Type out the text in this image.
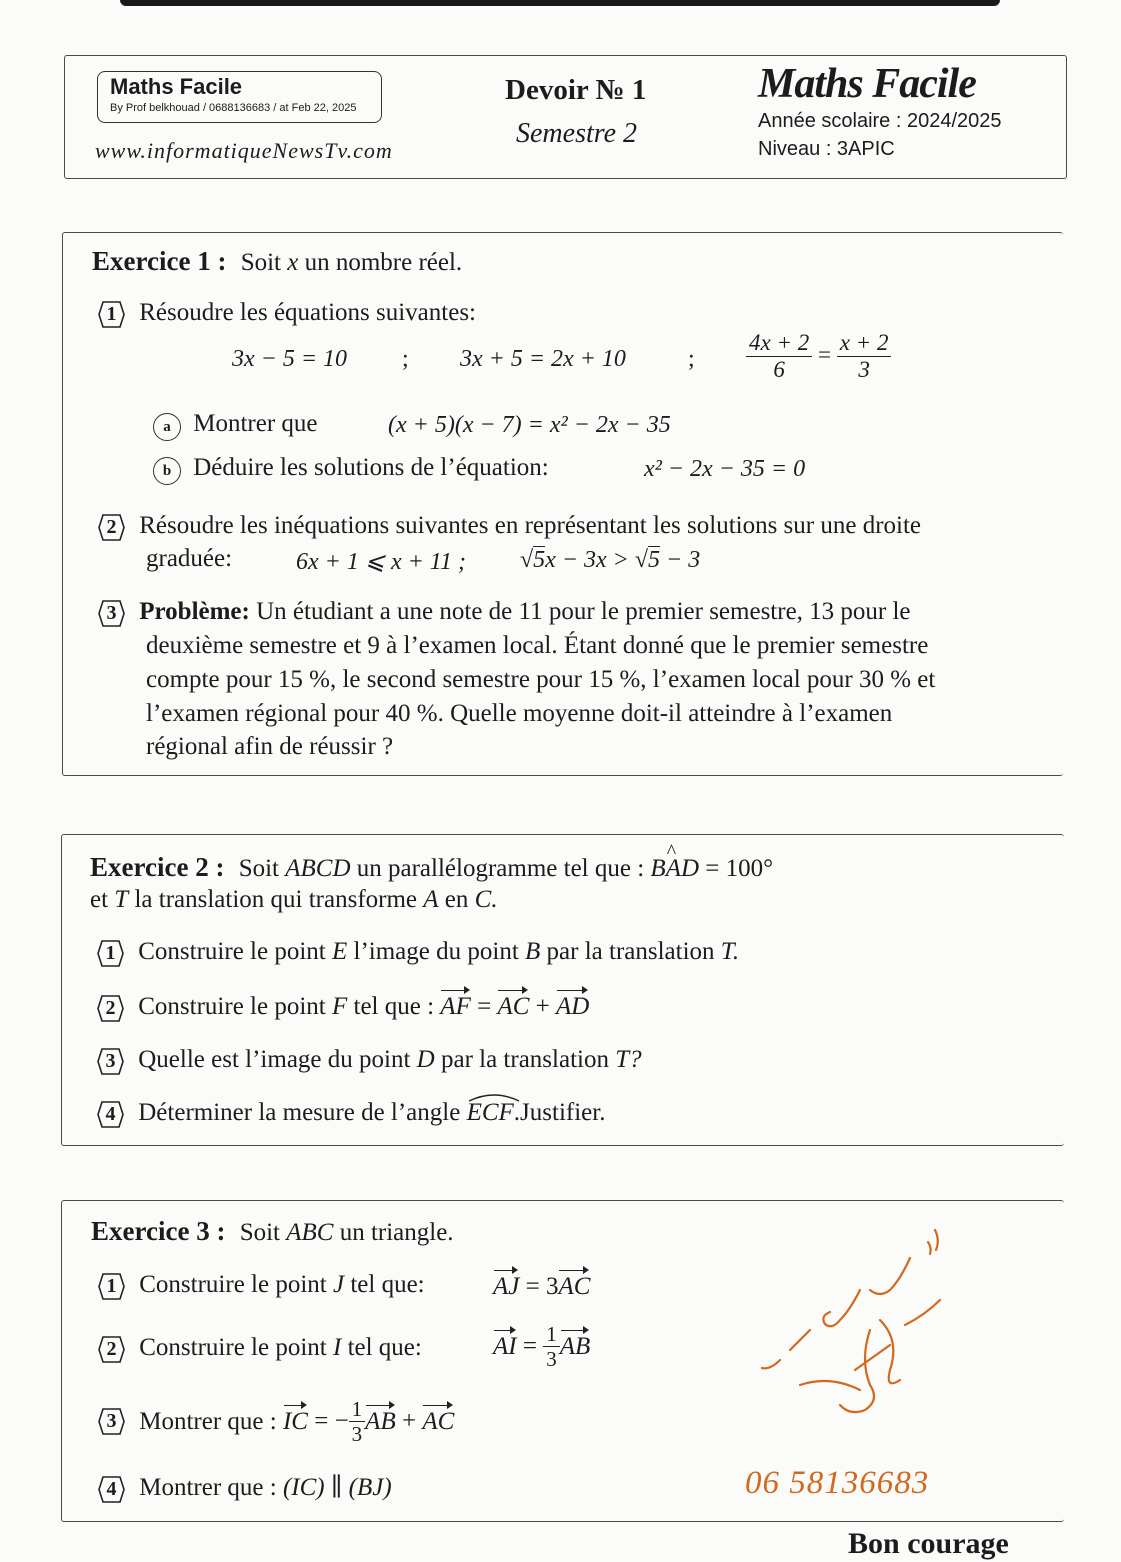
Maths Facile
By Prof belkhouad / 0688136683 / at Feb 22, 2025
www.informatiqueNewsTv.com
Devoir № 1
Semestre 2
Maths Facile
Année scolaire : 2024/2025
Niveau : 3APIC
Exercice 1 : Soit x un nombre réel.
1 Résoudre les équations suivantes:
3x − 5 = 10 ; 3x + 5 = 2x + 10	; $\frac{4x + 2}{6} = \frac{x + 2}{3}$
a Montrer que	(x + 5)(x − 7) = x² − 2x − 35
b Déduire les solutions de l’équation:	x² − 2x − 35 = 0
2 Résoudre les inéquations suivantes en représentant les solutions sur une droite
graduée:	6x + 1 ⩽ x + 11 ; √5x − 3x > √5 − 3
3 Problème: Un étudiant a une note de 11 pour le premier semestre, 13 pour le
deuxième semestre et 9 à l’examen local. Étant donné que le premier semestre
compte pour 15 %, le second semestre pour 15 %, l’examen local pour 30 % et
l’examen régional pour 40 %. Quelle moyenne doit-il atteindre à l’examen
régional afin de réussir ?
Exercice 2 : Soit ABCD un parallélogramme tel que : B^ AD = 100°
et T la translation qui transforme A en C.
1 Construire le point E l’image du point B par la translation T.
2 Construire le point F tel que : AF = AC + AD
3 Quelle est l’image du point D par la translation T?
4 Déterminer la mesure de l’angle ECF.Justifier.
Exercice 3 : Soit ABC un triangle.
1 Construire le point J tel que:	AJ = 3AC
2 Construire le point I tel que:	AI = $\frac{1}{3}$ AB
3 Montrer que : IC = − $\frac{1}{3}$ AB + AC
4 Montrer que : (IC) ∥ (BJ)	06 58136683
Bon courage
